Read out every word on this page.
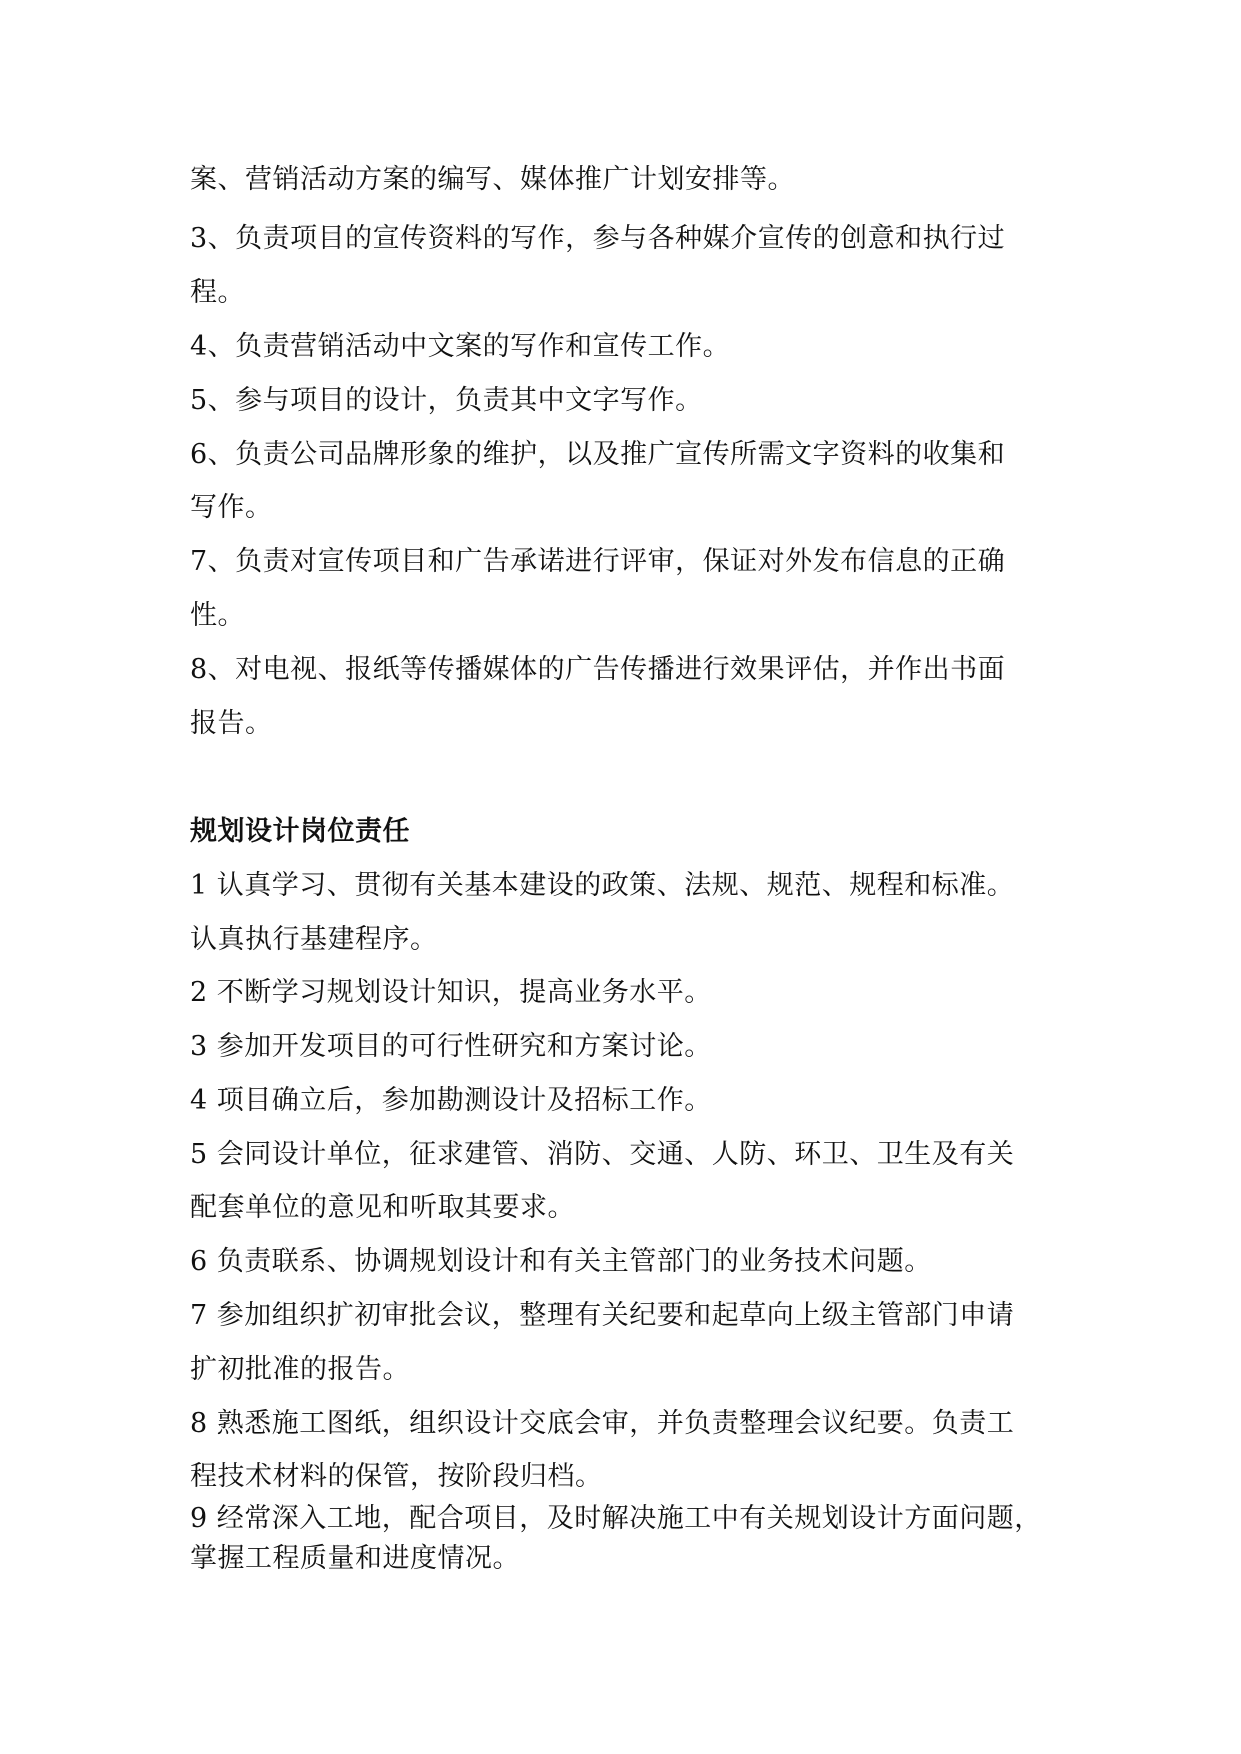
案、营销活动方案的编写、媒体推广计划安排等。
3、负责项目的宣传资料的写作，参与各种媒介宣传的创意和执行过
程。
4、负责营销活动中文案的写作和宣传工作。
5、参与项目的设计，负责其中文字写作。
6、负责公司品牌形象的维护，以及推广宣传所需文字资料的收集和
写作。
7、负责对宣传项目和广告承诺进行评审，保证对外发布信息的正确
性。
8、对电视、报纸等传播媒体的广告传播进行效果评估，并作出书面
报告。
规划设计岗位责任
1 认真学习、贯彻有关基本建设的政策、法规、规范、规程和标准。
认真执行基建程序。
2 不断学习规划设计知识，提高业务水平。
3 参加开发项目的可行性研究和方案讨论。
4 项目确立后，参加勘测设计及招标工作。
5 会同设计单位，征求建管、消防、交通、人防、环卫、卫生及有关
配套单位的意见和听取其要求。
6 负责联系、协调规划设计和有关主管部门的业务技术问题。
7 参加组织扩初审批会议，整理有关纪要和起草向上级主管部门申请
扩初批准的报告。
8 熟悉施工图纸，组织设计交底会审，并负责整理会议纪要。负责工
程技术材料的保管，按阶段归档。
9 经常深入工地，配合项目，及时解决施工中有关规划设计方面问题，
掌握工程质量和进度情况。
